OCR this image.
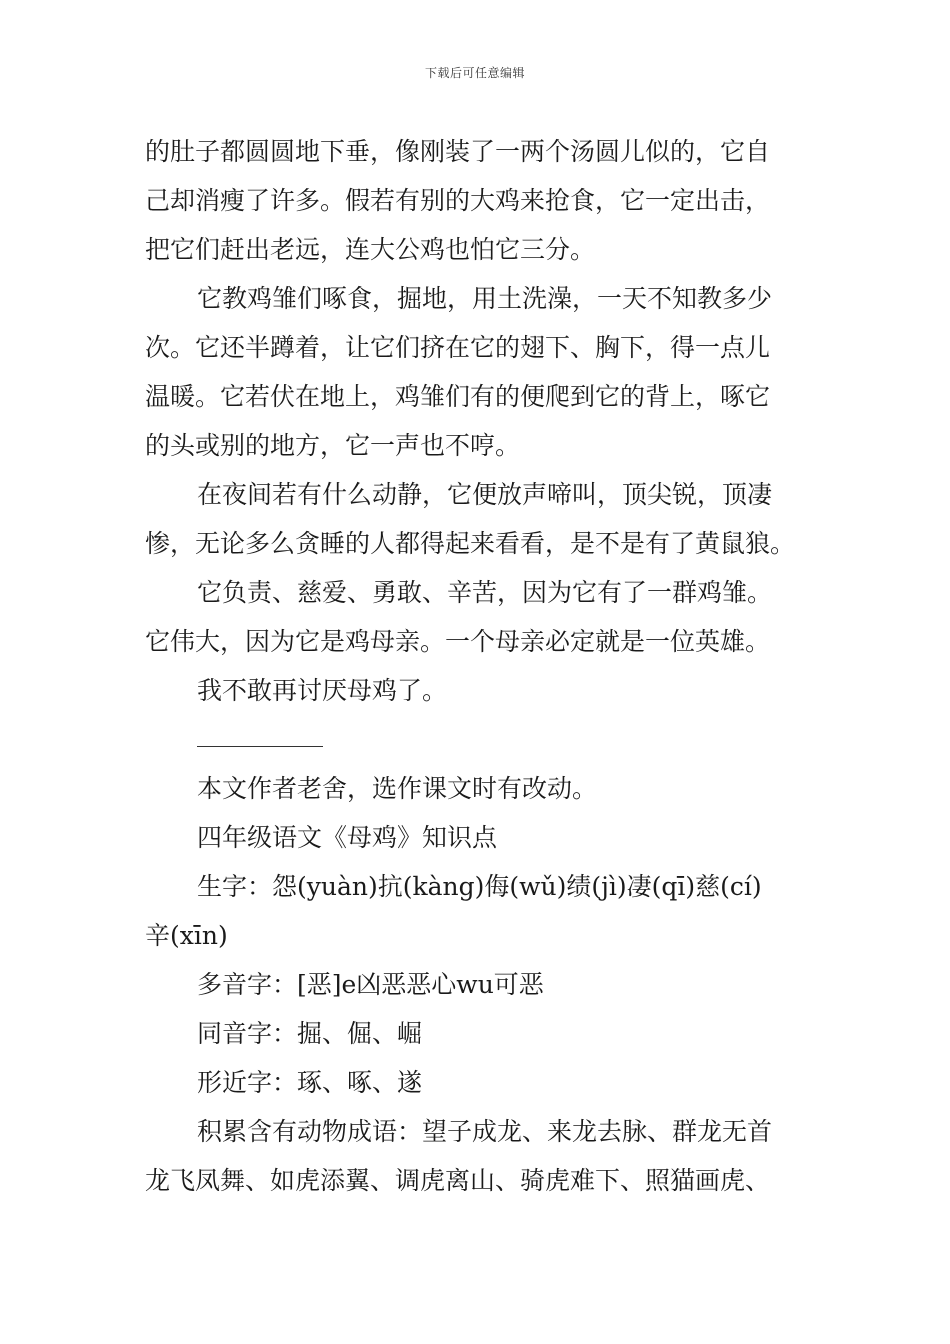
下载后可任意编辑

的肚子都圆圆地下垂，像刚装了一两个汤圆儿似的，它自

己却消瘦了许多。假若有别的大鸡来抢食，它一定出击，

把它们赶出老远，连大公鸡也怕它三分。

它教鸡雏们啄食，掘地，用土洗澡，一天不知教多少

次。它还半蹲着，让它们挤在它的翅下、胸下，得一点儿

温暖。它若伏在地上，鸡雏们有的便爬到它的背上，啄它

的头或别的地方，它一声也不哼。

在夜间若有什么动静，它便放声啼叫，顶尖锐，顶凄

惨，无论多么贪睡的人都得起来看看，是不是有了黄鼠狼。

它负责、慈爱、勇敢、辛苦，因为它有了一群鸡雏。

它伟大，因为它是鸡母亲。一个母亲必定就是一位英雄。

我不敢再讨厌母鸡了。

本文作者老舍，选作课文时有改动。

四年级语文《母鸡》知识点

生字：怨(yuàn)抗(kàng)侮(wǔ)绩(jì)凄(qī)慈(cí)

辛(xīn)

多音字：[恶]e凶恶恶心wu可恶

同音字：掘、倔、崛

形近字：琢、啄、遂

积累含有动物成语：望子成龙、来龙去脉、群龙无首

龙飞凤舞、如虎添翼、调虎离山、骑虎难下、照猫画虎、
